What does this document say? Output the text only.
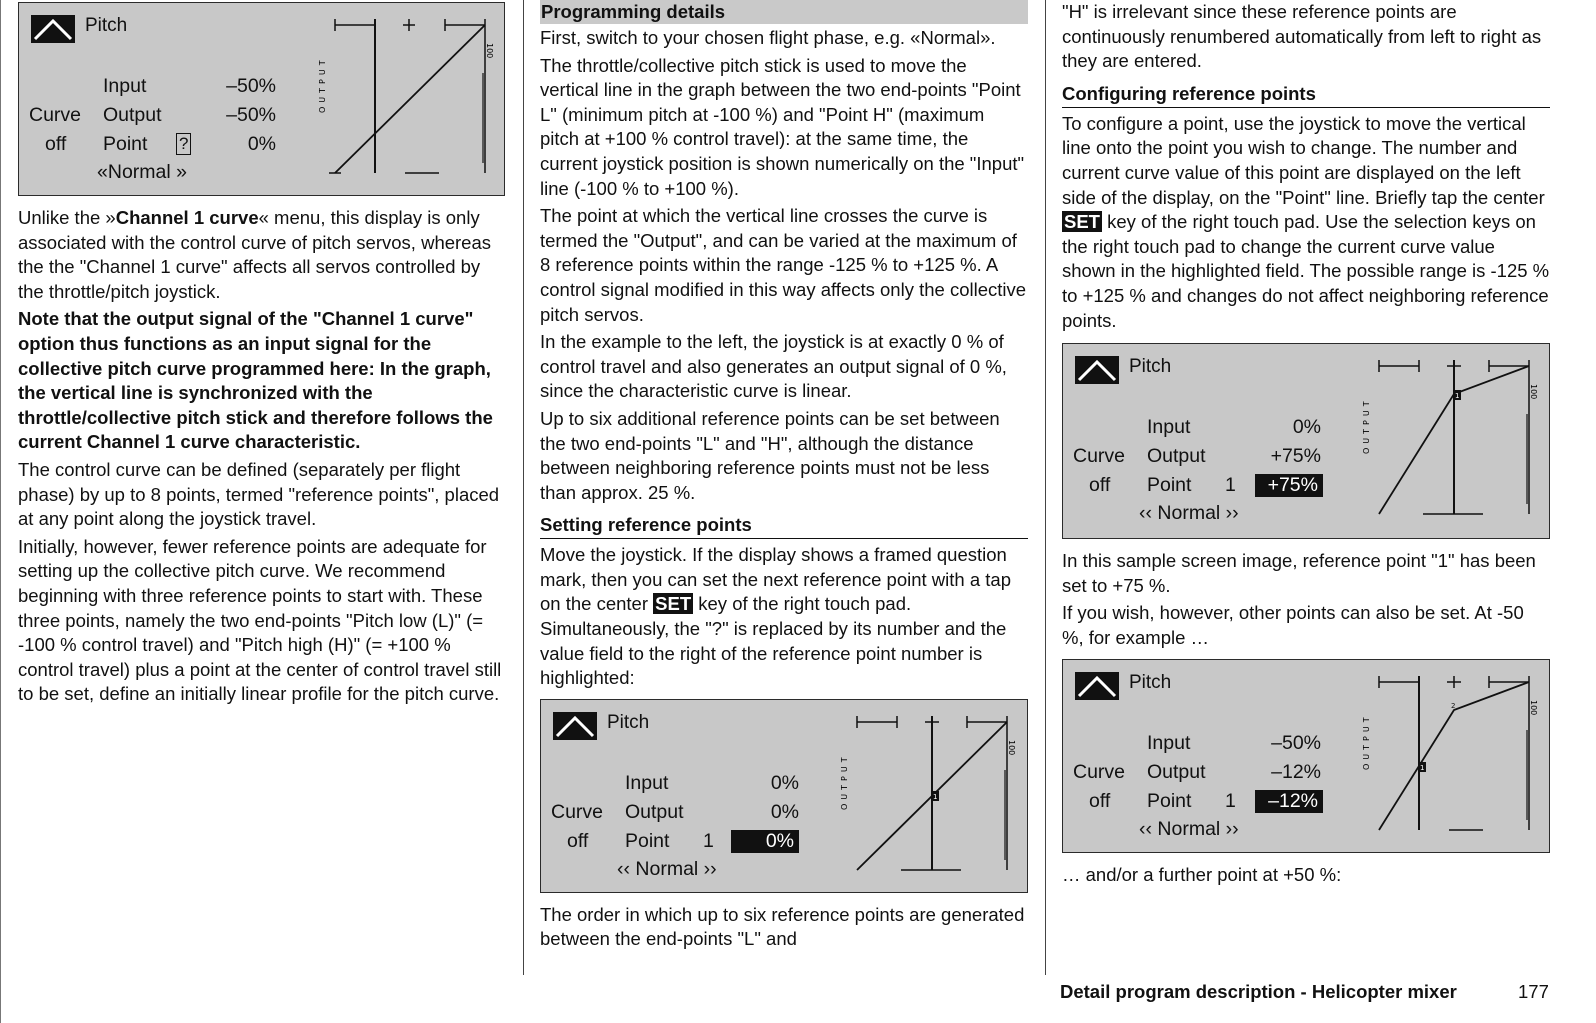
Pitch
Input	–50%
Curve Output	–50%
off Point ?	0%
«Normal »
OUTPUT
100

Unlike the »Channel 1 curve« menu, this display is only associated with the control curve of pitch servos, whereas the the "Channel 1 curve" affects all servos controlled by the throttle/pitch joystick.

Note that the output signal of the "Channel 1 curve" option thus functions as an input signal for the collective pitch curve programmed here: In the graph, the vertical line is synchronized with the throttle/collective pitch stick and therefore follows the current Channel 1 curve characteristic.

The control curve can be defined (separately per flight phase) by up to 8 points, termed "reference points", placed at any point along the joystick travel.

Initially, however, fewer reference points are adequate for setting up the collective pitch curve. We recommend beginning with three reference points to start with. These three points, namely the two end-points "Pitch low (L)" (= -100 % control travel) and "Pitch high (H)" (= +100 % control travel) plus a point at the center of control travel still to be set, define an initially linear profile for the pitch curve.

Programming details

First, switch to your chosen flight phase, e.g. «Normal».

The throttle/collective pitch stick is used to move the vertical line in the graph between the two end-points "Point L" (minimum pitch at -100 %) and "Point H" (maximum pitch at +100 % control travel): at the same time, the current joystick position is shown numerically on the "Input" line (-100 % to +100 %).

The point at which the vertical line crosses the curve is termed the "Output", and can be varied at the maximum of 8 reference points within the range -125 % to +125 %. A control signal modified in this way affects only the collective pitch servos.

In the example to the left, the joystick is at exactly 0 % of control travel and also generates an output signal of 0 %, since the characteristic curve is linear.

Up to six additional reference points can be set between the two end-points "L" and "H", although the distance between neighboring reference points must not be less than approx. 25 %.

Setting reference points

Move the joystick. If the display shows a framed question mark, then you can set the next reference point with a tap on the center SET key of the right touch pad. Simultaneously, the "?" is replaced by its number and the value field to the right of the reference point number is highlighted:

Pitch
Input	0%
Curve Output	0%
off Point 1	0%
‹‹ Normal ››
1
OUTPUT
100

The order in which up to six reference points are generated between the end-points "L" and

"H" is irrelevant since these reference points are continuously renumbered automatically from left to right as they are entered.

Configuring reference points

To configure a point, use the joystick to move the vertical line onto the point you wish to change. The number and current curve value of this point are displayed on the left side of the display, on the "Point" line. Briefly tap the center SET key of the right touch pad. Use the selection keys on the right touch pad to change the current curve value shown in the highlighted field. The possible range is -125 % to +125 % and changes do not affect neighboring reference points.

Pitch
Input	0%
Curve Output	+75%
off Point 1	+75%
‹‹ Normal ››
1
OUTPUT
100

In this sample screen image, reference point "1" has been set to +75 %.

If you wish, however, other points can also be set. At -50 %, for example …

Pitch
Input	–50%
Curve Output	–12%
off Point 1	–12%
‹‹ Normal ››
1
2
OUTPUT
100

… and/or a further point at +50 %:

Detail program description - Helicopter mixer	177
